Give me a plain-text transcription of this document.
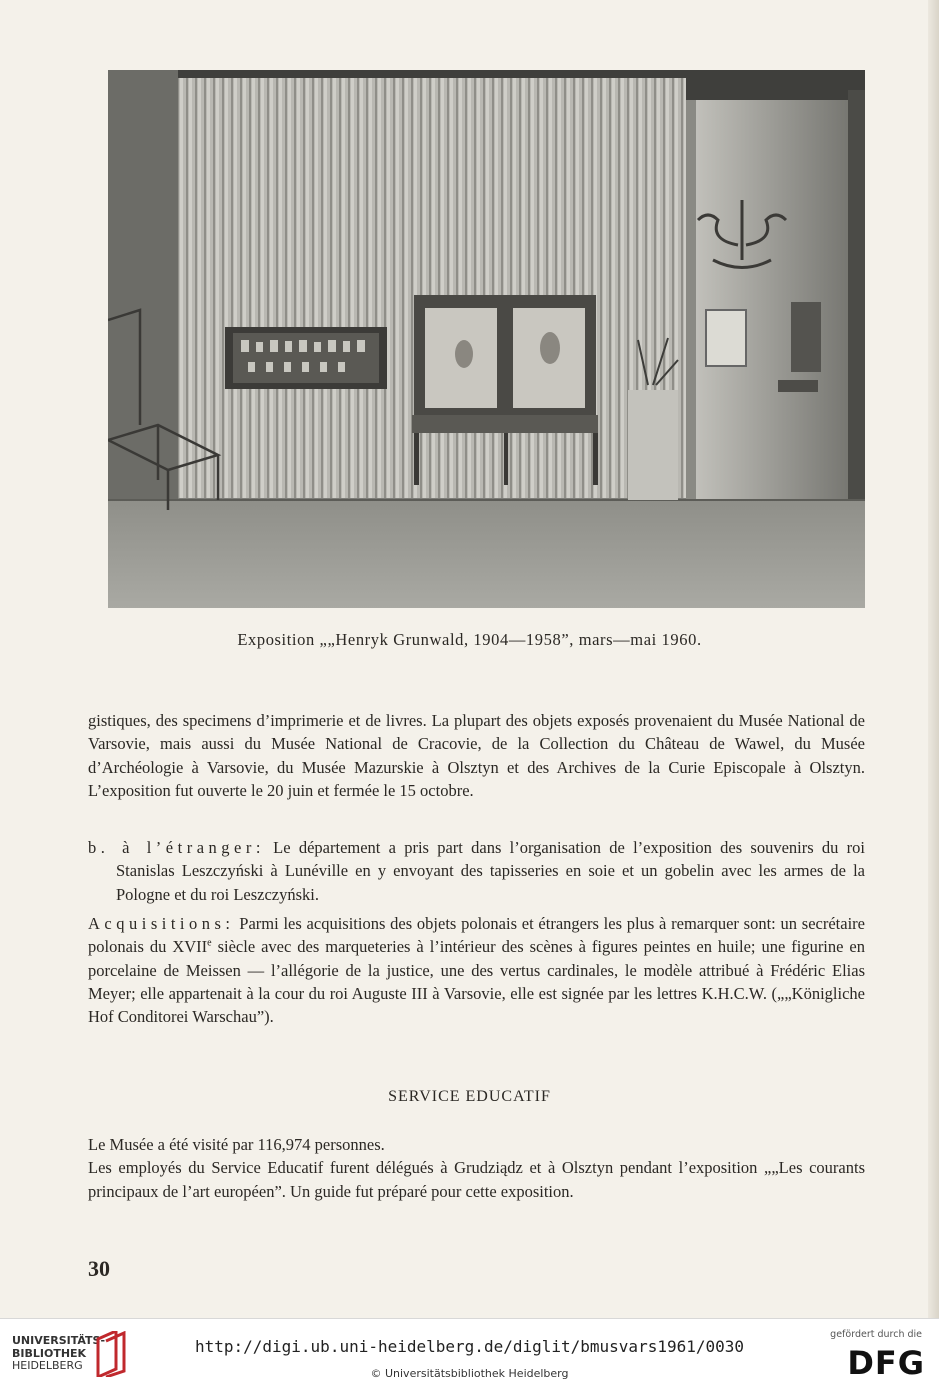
Exposition „„Henryk Grunwald, 1904—1958”, mars—mai 1960.

gistiques, des specimens d’imprimerie et de livres. La plupart des objets exposés provenaient du Musée National de Varsovie, mais aussi du Musée National de Cracovie, de la Collection du Château de Wawel, du Musée d’Archéologie à Varsovie, du Musée Mazurskie à Olsztyn et des Archives de la Curie Episcopale à Olsztyn. L’exposition fut ouverte le 20 juin et fermée le 15 octobre.

b. à l’étranger: Le département a pris part dans l’organisation de l’exposition des souvenirs du roi Stanislas Leszczyński à Lunéville en y envoyant des tapisseries en soie et un gobelin avec les armes de la Pologne et du roi Leszczyński.

Acquisitions: Parmi les acquisitions des objets polonais et étrangers les plus à remarquer sont: un secrétaire polonais du XVIIe siècle avec des marqueteries à l’intérieur des scènes à figures peintes en huile; une figurine en porcelaine de Meissen — l’allégorie de la justice, une des vertus cardinales, le modèle attribué à Frédéric Elias Meyer; elle appartenait à la cour du roi Auguste III à Varsovie, elle est signée par les lettres K.H.C.W. („„Königliche Hof Conditorei Warschau”).

SERVICE EDUCATIF

Le Musée a été visité par 116,974 personnes.

Les employés du Service Educatif furent délégués à Grudziądz et à Olsztyn pendant l’exposition „„Les courants principaux de l’art européen”. Un guide fut préparé pour cette exposition.

30
UNIVERSITÄTS-
BIBLIOTHEK
HEIDELBERG
http://digi.ub.uni-heidelberg.de/diglit/bmusvars1961/0030
© Universitätsbibliothek Heidelberg
gefördert durch die
DFG
